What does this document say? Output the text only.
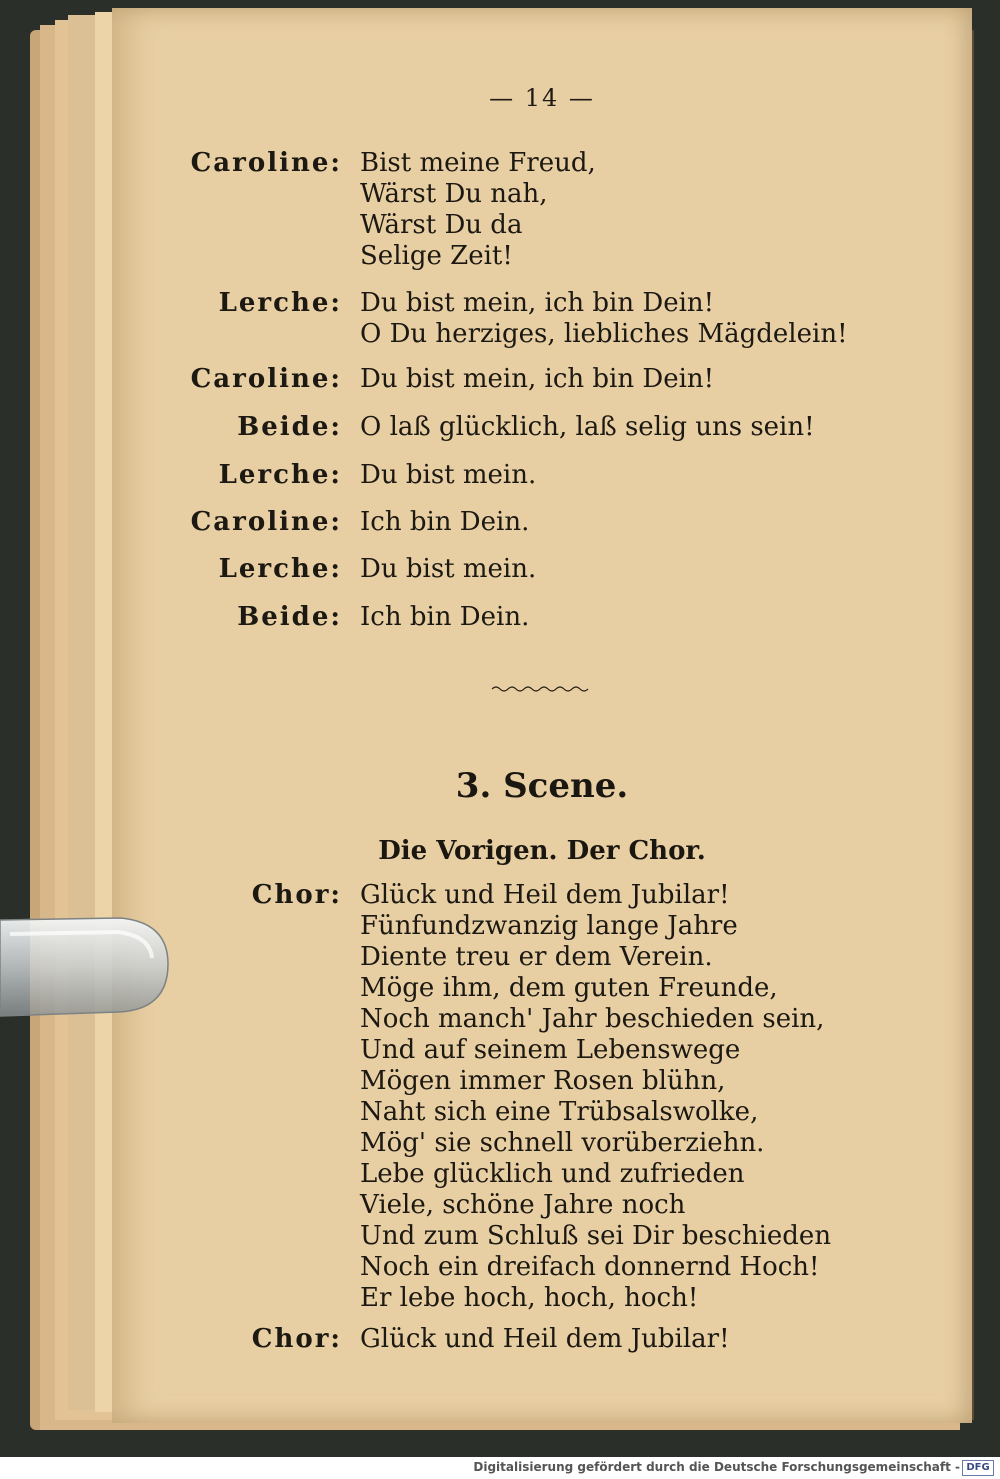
— 14 —
Caroline: Bist meine Freud,
Wärst Du nah,
Wärst Du da
Selige Zeit!
Lerche: Du bist mein, ich bin Dein!
O Du herziges, liebliches Mägdelein!
Caroline: Du bist mein, ich bin Dein!
Beide: O laß glücklich, laß selig uns sein!
Lerche: Du bist mein.
Caroline: Ich bin Dein.
Lerche: Du bist mein.
Beide: Ich bin Dein.
3. Scene.
Die Vorigen. Der Chor.
Chor: Glück und Heil dem Jubilar!
Fünfundzwanzig lange Jahre
Diente treu er dem Verein.
Möge ihm, dem guten Freunde,
Noch manch' Jahr beschieden sein,
Und auf seinem Lebenswege
Mögen immer Rosen blühn,
Naht sich eine Trübsalswolke,
Mög' sie schnell vorüberziehn.
Lebe glücklich und zufrieden
Viele, schöne Jahre noch
Und zum Schluß sei Dir beschieden
Noch ein dreifach donnernd Hoch!
Er lebe hoch, hoch, hoch!
Chor: Glück und Heil dem Jubilar!
Digitalisierung gefördert durch die Deutsche Forschungsgemeinschaft - DFG
